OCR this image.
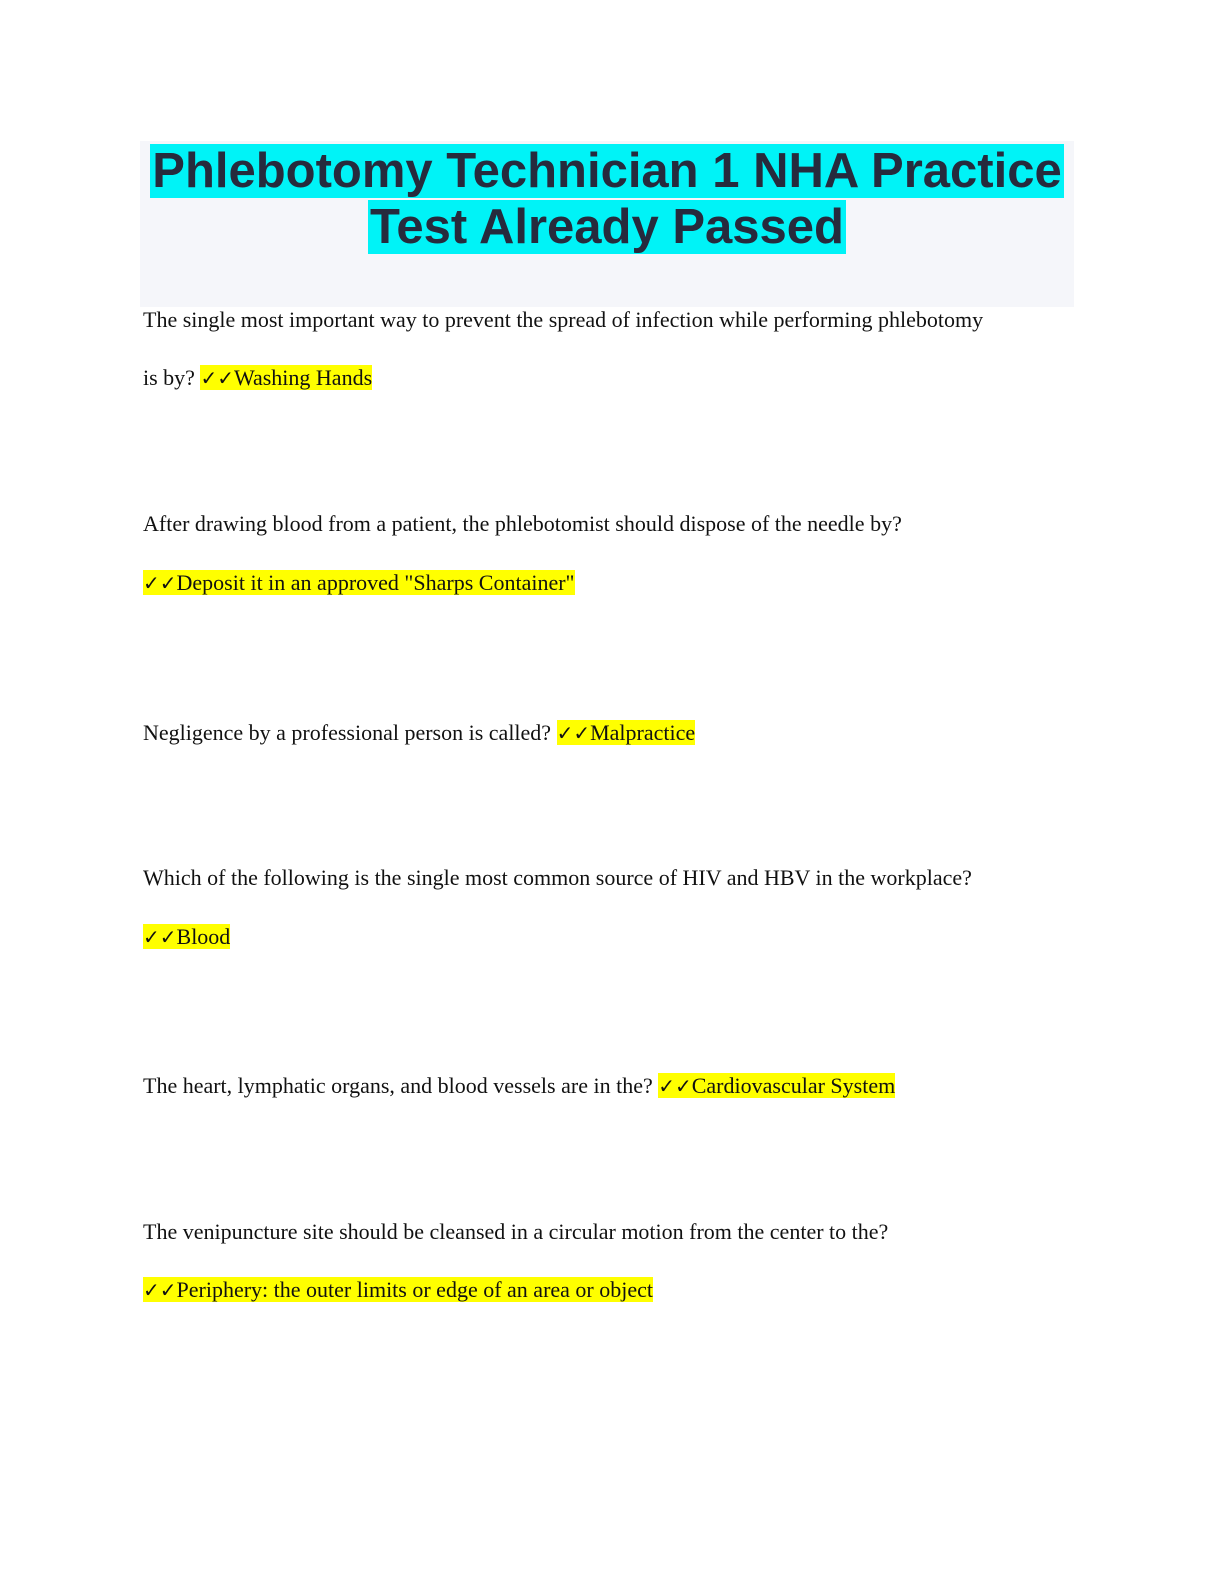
Phlebotomy Technician 1 NHA Practice
Test Already Passed
The single most important way to prevent the spread of infection while performing phlebotomy
is by? ✓✓Washing Hands
After drawing blood from a patient, the phlebotomist should dispose of the needle by?
✓✓Deposit it in an approved "Sharps Container"
Negligence by a professional person is called? ✓✓Malpractice
Which of the following is the single most common source of HIV and HBV in the workplace?
✓✓Blood
The heart, lymphatic organs, and blood vessels are in the? ✓✓Cardiovascular System
The venipuncture site should be cleansed in a circular motion from the center to the?
✓✓Periphery: the outer limits or edge of an area or object
